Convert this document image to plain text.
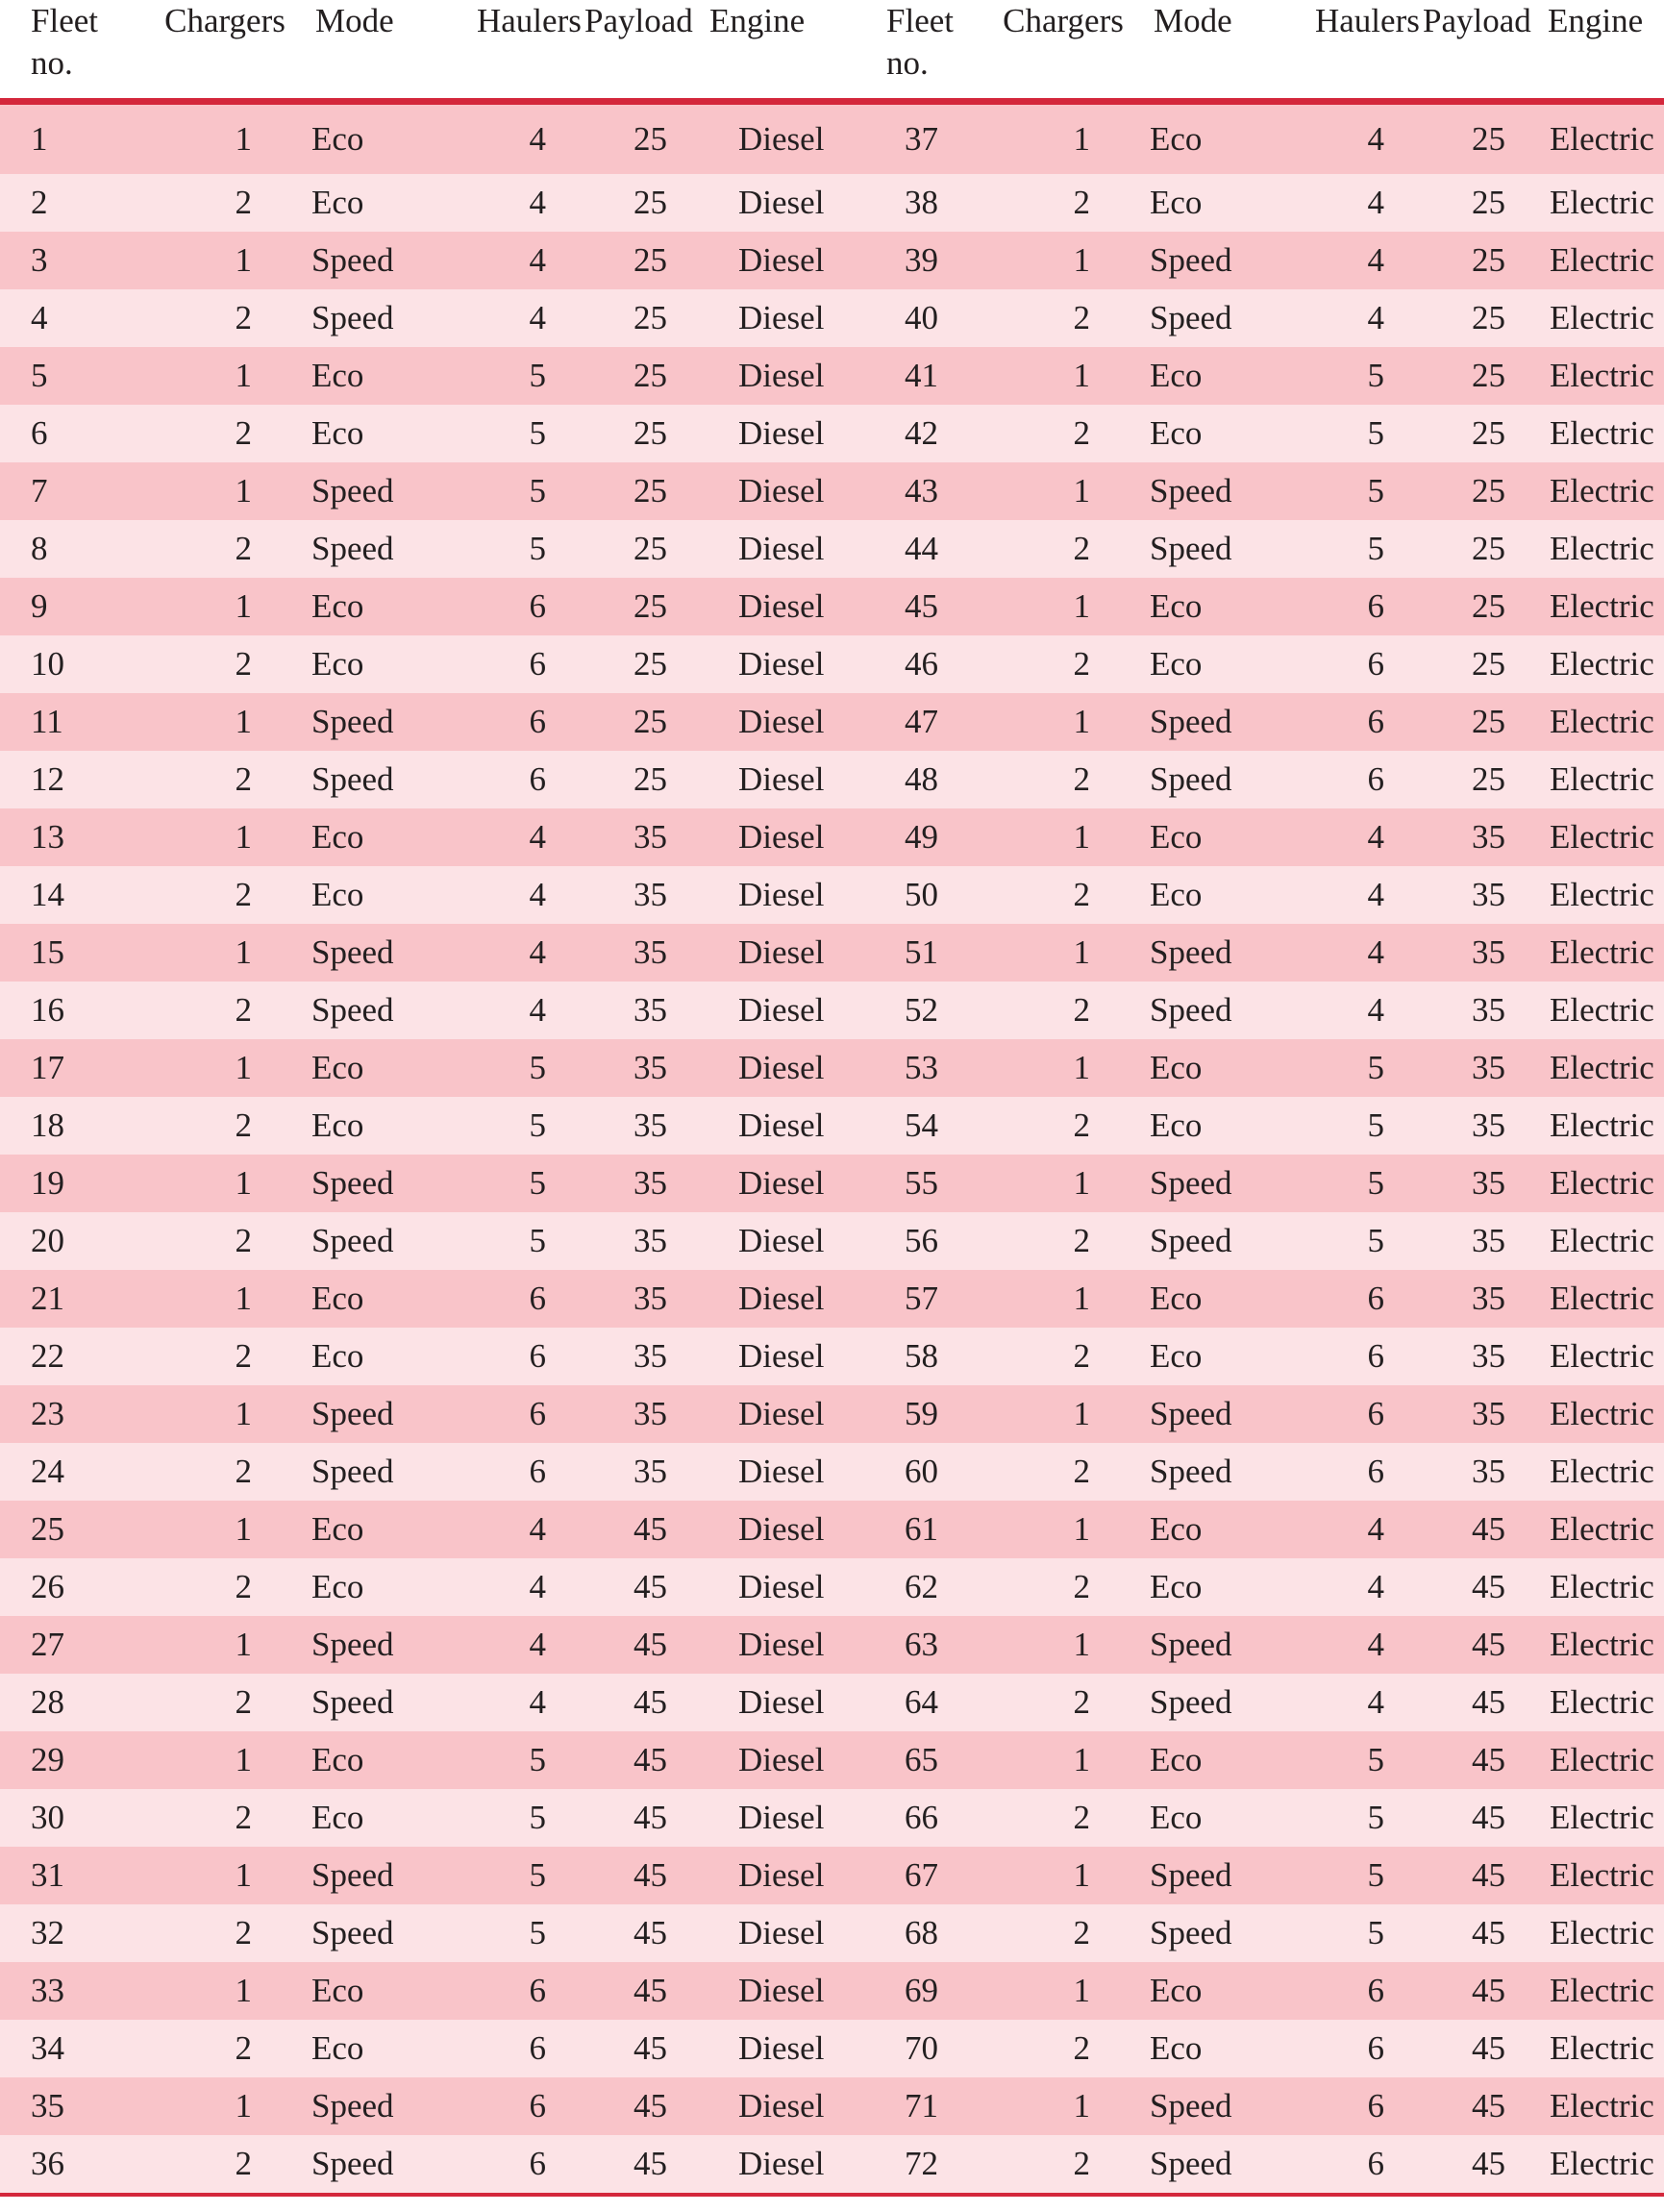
Fleet no.	Chargers	Mode	Haulers	Payload	Engine	Fleet no.	Chargers	Mode	Haulers	Payload	Engine
1	1	Eco	4	25	Diesel	37	1	Eco	4	25	Electric
2	2	Eco	4	25	Diesel	38	2	Eco	4	25	Electric
3	1	Speed	4	25	Diesel	39	1	Speed	4	25	Electric
4	2	Speed	4	25	Diesel	40	2	Speed	4	25	Electric
5	1	Eco	5	25	Diesel	41	1	Eco	5	25	Electric
6	2	Eco	5	25	Diesel	42	2	Eco	5	25	Electric
7	1	Speed	5	25	Diesel	43	1	Speed	5	25	Electric
8	2	Speed	5	25	Diesel	44	2	Speed	5	25	Electric
9	1	Eco	6	25	Diesel	45	1	Eco	6	25	Electric
10	2	Eco	6	25	Diesel	46	2	Eco	6	25	Electric
11	1	Speed	6	25	Diesel	47	1	Speed	6	25	Electric
12	2	Speed	6	25	Diesel	48	2	Speed	6	25	Electric
13	1	Eco	4	35	Diesel	49	1	Eco	4	35	Electric
14	2	Eco	4	35	Diesel	50	2	Eco	4	35	Electric
15	1	Speed	4	35	Diesel	51	1	Speed	4	35	Electric
16	2	Speed	4	35	Diesel	52	2	Speed	4	35	Electric
17	1	Eco	5	35	Diesel	53	1	Eco	5	35	Electric
18	2	Eco	5	35	Diesel	54	2	Eco	5	35	Electric
19	1	Speed	5	35	Diesel	55	1	Speed	5	35	Electric
20	2	Speed	5	35	Diesel	56	2	Speed	5	35	Electric
21	1	Eco	6	35	Diesel	57	1	Eco	6	35	Electric
22	2	Eco	6	35	Diesel	58	2	Eco	6	35	Electric
23	1	Speed	6	35	Diesel	59	1	Speed	6	35	Electric
24	2	Speed	6	35	Diesel	60	2	Speed	6	35	Electric
25	1	Eco	4	45	Diesel	61	1	Eco	4	45	Electric
26	2	Eco	4	45	Diesel	62	2	Eco	4	45	Electric
27	1	Speed	4	45	Diesel	63	1	Speed	4	45	Electric
28	2	Speed	4	45	Diesel	64	2	Speed	4	45	Electric
29	1	Eco	5	45	Diesel	65	1	Eco	5	45	Electric
30	2	Eco	5	45	Diesel	66	2	Eco	5	45	Electric
31	1	Speed	5	45	Diesel	67	1	Speed	5	45	Electric
32	2	Speed	5	45	Diesel	68	2	Speed	5	45	Electric
33	1	Eco	6	45	Diesel	69	1	Eco	6	45	Electric
34	2	Eco	6	45	Diesel	70	2	Eco	6	45	Electric
35	1	Speed	6	45	Diesel	71	1	Speed	6	45	Electric
36	2	Speed	6	45	Diesel	72	2	Speed	6	45	Electric
